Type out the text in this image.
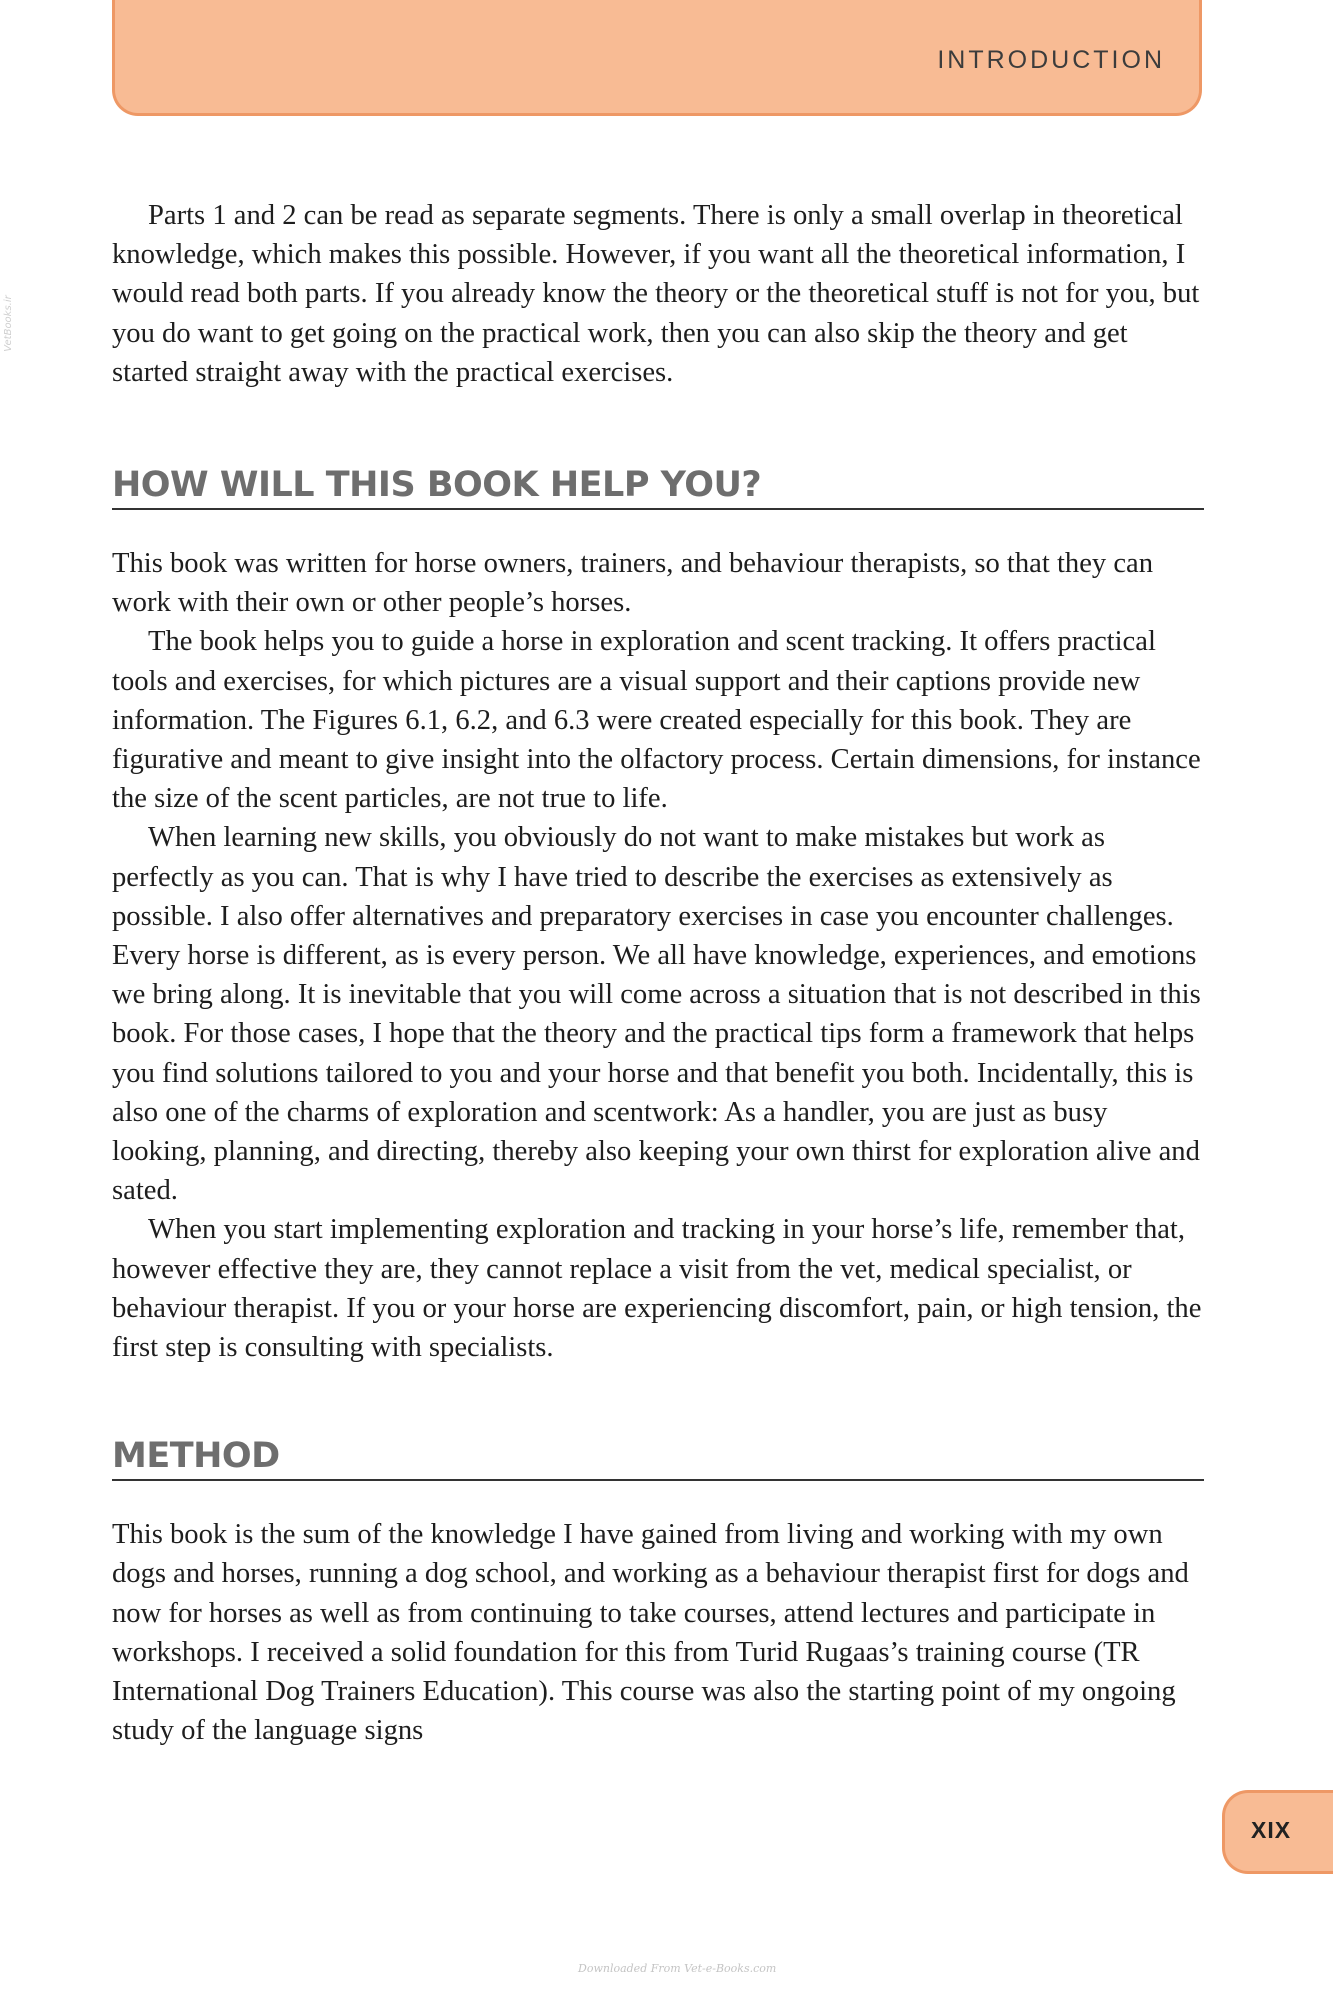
INTRODUCTION
VetBooks.ir

Parts 1 and 2 can be read as separate segments. There is only a small overlap in theoretical knowledge, which makes this possible. However, if you want all the theoretical information, I would read both parts. If you already know the theory or the theoretical stuff is not for you, but you do want to get going on the practical work, then you can also skip the theory and get started straight away with the practical exercises.

HOW WILL THIS BOOK HELP YOU?

This book was written for horse owners, trainers, and behaviour therapists, so that they can work with their own or other people’s horses.

The book helps you to guide a horse in exploration and scent tracking. It offers practical tools and exercises, for which pictures are a visual support and their captions provide new information. The Figures 6.1, 6.2, and 6.3 were created especially for this book. They are figurative and meant to give insight into the olfactory process. Certain dimensions, for instance the size of the scent particles, are not true to life.

When learning new skills, you obviously do not want to make mistakes but work as perfectly as you can. That is why I have tried to describe the exercises as extensively as possible. I also offer alternatives and preparatory exercises in case you encounter challenges. Every horse is different, as is every person. We all have knowledge, experiences, and emotions we bring along. It is inevitable that you will come across a situation that is not described in this book. For those cases, I hope that the theory and the practical tips form a framework that helps you find solutions tailored to you and your horse and that benefit you both. Incidentally, this is also one of the charms of exploration and scentwork: As a handler, you are just as busy looking, planning, and directing, thereby also keeping your own thirst for exploration alive and sated.

When you start implementing exploration and tracking in your horse’s life, remember that, however effective they are, they cannot replace a visit from the vet, medical specialist, or behaviour therapist. If you or your horse are experiencing discomfort, pain, or high tension, the first step is consulting with specialists.

METHOD

This book is the sum of the knowledge I have gained from living and working with my own dogs and horses, running a dog school, and working as a behaviour therapist first for dogs and now for horses as well as from continuing to take courses, attend lectures and participate in workshops. I received a solid foundation for this from Turid Rugaas’s training course (TR International Dog Trainers Education). This course was also the starting point of my ongoing study of the language signs

XIX
Downloaded From Vet-e-Books.com
